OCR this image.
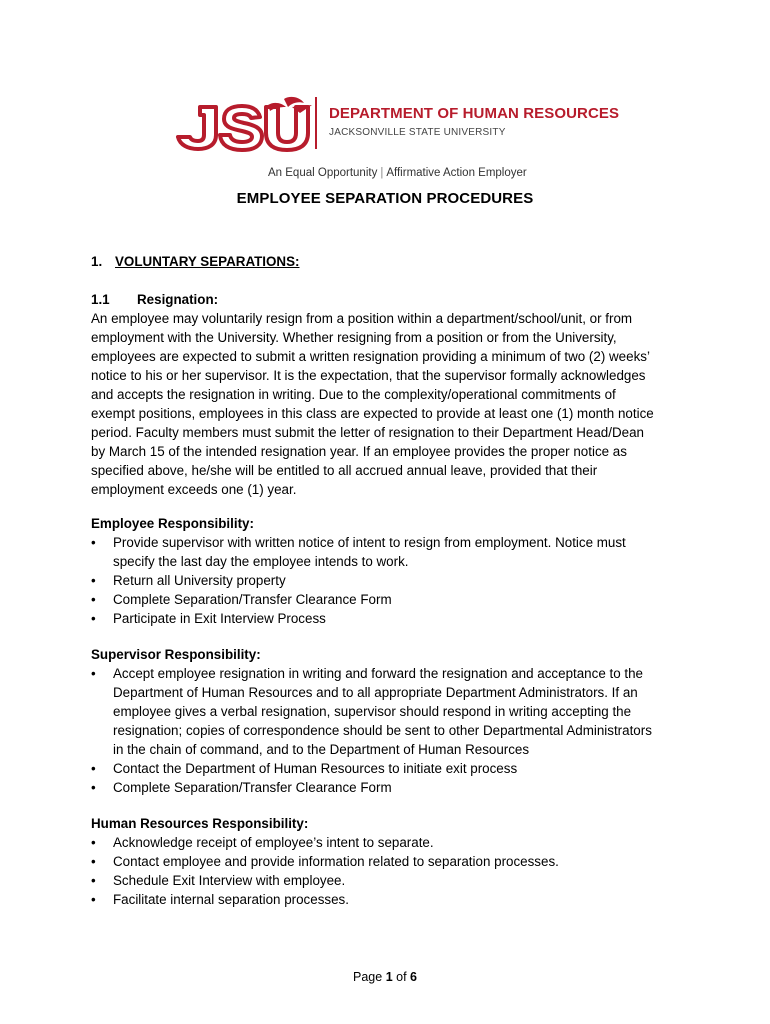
DEPARTMENT OF HUMAN RESOURCES
JACKSONVILLE STATE UNIVERSITY
An Equal Opportunity | Affirmative Action Employer
EMPLOYEE SEPARATION PROCEDURES
1. VOLUNTARY SEPARATIONS:
1.1 Resignation:

An employee may voluntarily resign from a position within a department/school/unit, or from

employment with the University. Whether resigning from a position or from the University,

employees are expected to submit a written resignation providing a minimum of two (2) weeks’

notice to his or her supervisor. It is the expectation, that the supervisor formally acknowledges

and accepts the resignation in writing. Due to the complexity/operational commitments of

exempt positions, employees in this class are expected to provide at least one (1) month notice

period. Faculty members must submit the letter of resignation to their Department Head/Dean

by March 15 of the intended resignation year. If an employee provides the proper notice as

specified above, he/she will be entitled to all accrued annual leave, provided that their

employment exceeds one (1) year.

Employee Responsibility:
•	Provide supervisor with written notice of intent to resign from employment. Notice must
specify the last day the employee intends to work.
•	Return all University property
•	Complete Separation/Transfer Clearance Form
•	Participate in Exit Interview Process
Supervisor Responsibility:
•	Accept employee resignation in writing and forward the resignation and acceptance to the
Department of Human Resources and to all appropriate Department Administrators. If an
employee gives a verbal resignation, supervisor should respond in writing accepting the
resignation; copies of correspondence should be sent to other Departmental Administrators
in the chain of command, and to the Department of Human Resources
•	Contact the Department of Human Resources to initiate exit process
•	Complete Separation/Transfer Clearance Form
Human Resources Responsibility:
•	Acknowledge receipt of employee’s intent to separate.
•	Contact employee and provide information related to separation processes.
•	Schedule Exit Interview with employee.
•	Facilitate internal separation processes.
Page 1 of 6
